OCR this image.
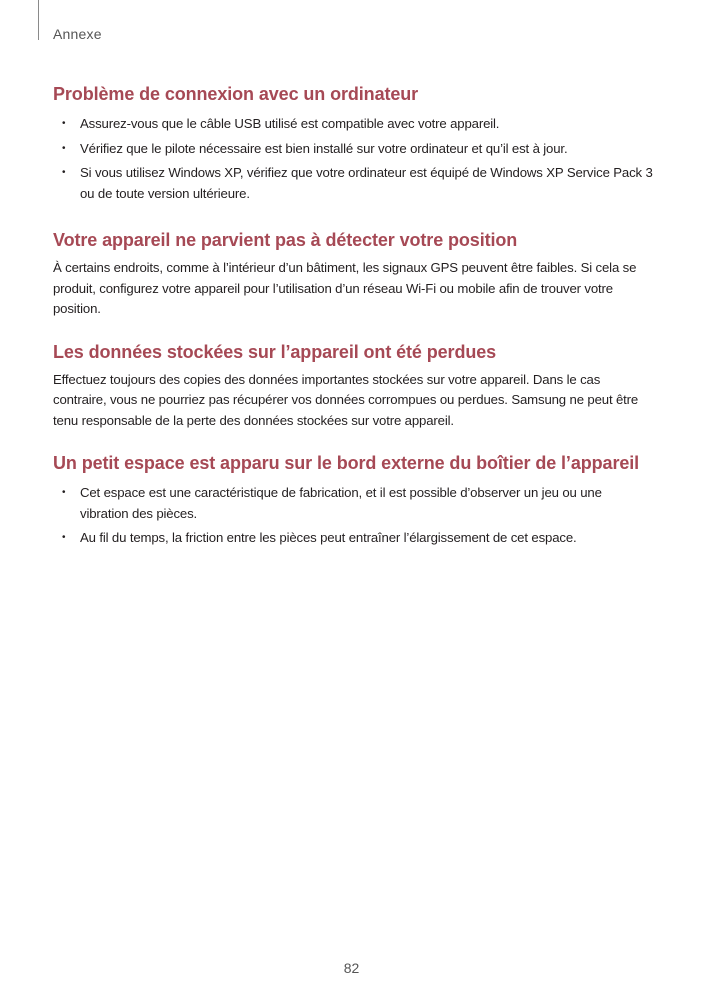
Annexe
Problème de connexion avec un ordinateur
• Assurez-vous que le câble USB utilisé est compatible avec votre appareil.
• Vérifiez que le pilote nécessaire est bien installé sur votre ordinateur et qu’il est à jour.
• Si vous utilisez Windows XP, vérifiez que votre ordinateur est équipé de Windows XP Service Pack 3 ou de toute version ultérieure.
Votre appareil ne parvient pas à détecter votre position

À certains endroits, comme à l’intérieur d’un bâtiment, les signaux GPS peuvent être faibles. Si cela se produit, configurez votre appareil pour l’utilisation d’un réseau Wi-Fi ou mobile afin de trouver votre position.

Les données stockées sur l’appareil ont été perdues

Effectuez toujours des copies des données importantes stockées sur votre appareil. Dans le cas contraire, vous ne pourriez pas récupérer vos données corrompues ou perdues. Samsung ne peut être tenu responsable de la perte des données stockées sur votre appareil.

Un petit espace est apparu sur le bord externe du boîtier de l’appareil
• Cet espace est une caractéristique de fabrication, et il est possible d’observer un jeu ou une vibration des pièces.
• Au fil du temps, la friction entre les pièces peut entraîner l’élargissement de cet espace.
82
